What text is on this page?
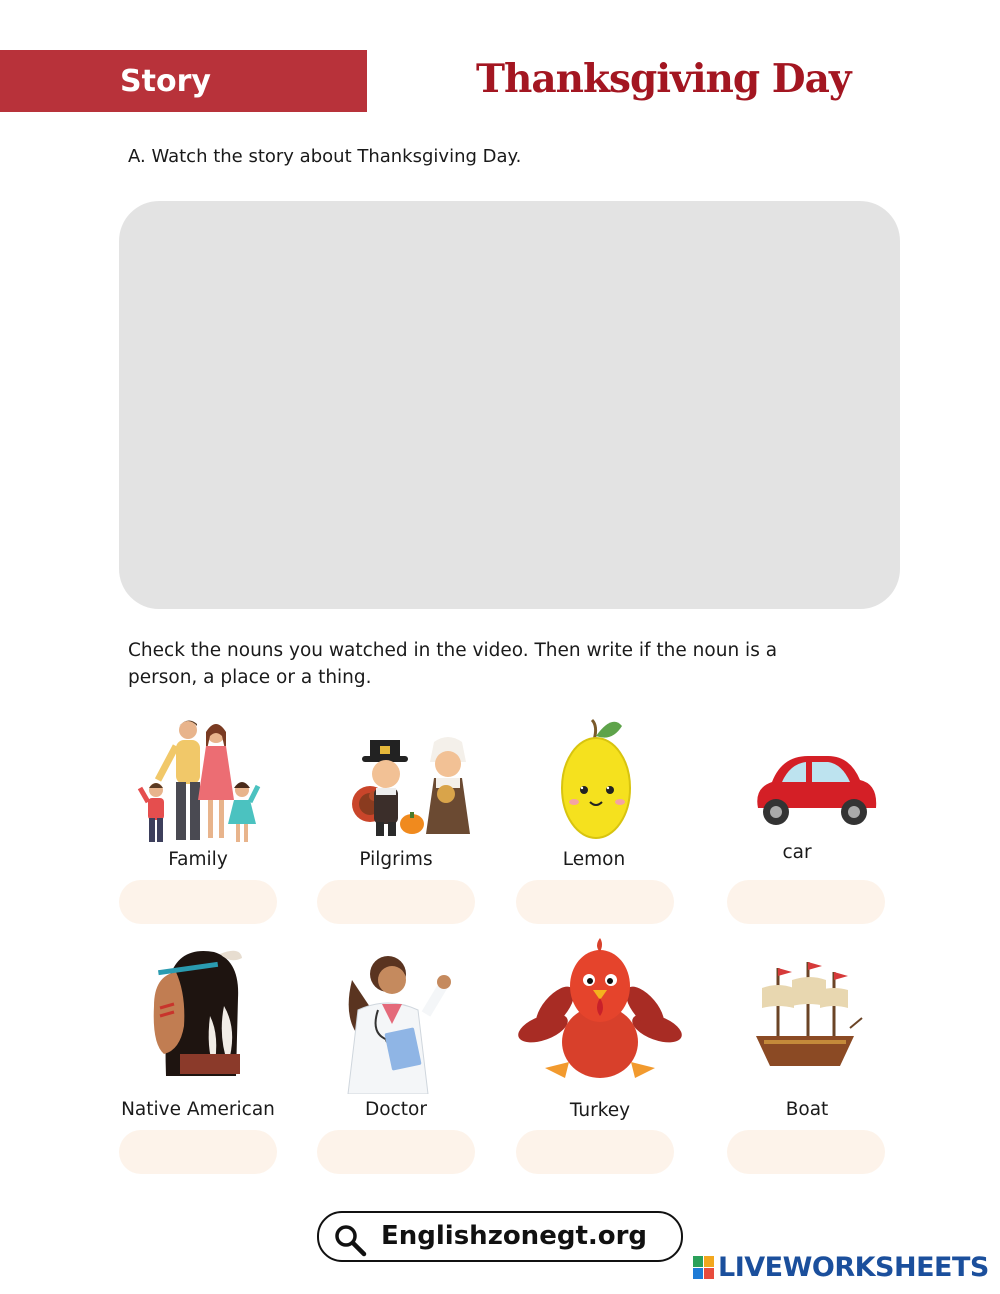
Story	Thanksgiving Day
A. Watch the story about Thanksgiving Day.
Check the nouns you watched in the video. Then write if the noun is a person, a place or a thing.
Family	Pilgrims	Lemon	car
Native American	Doctor	Turkey	Boat
Englishzonegt.org
LIVEWORKSHEETS
